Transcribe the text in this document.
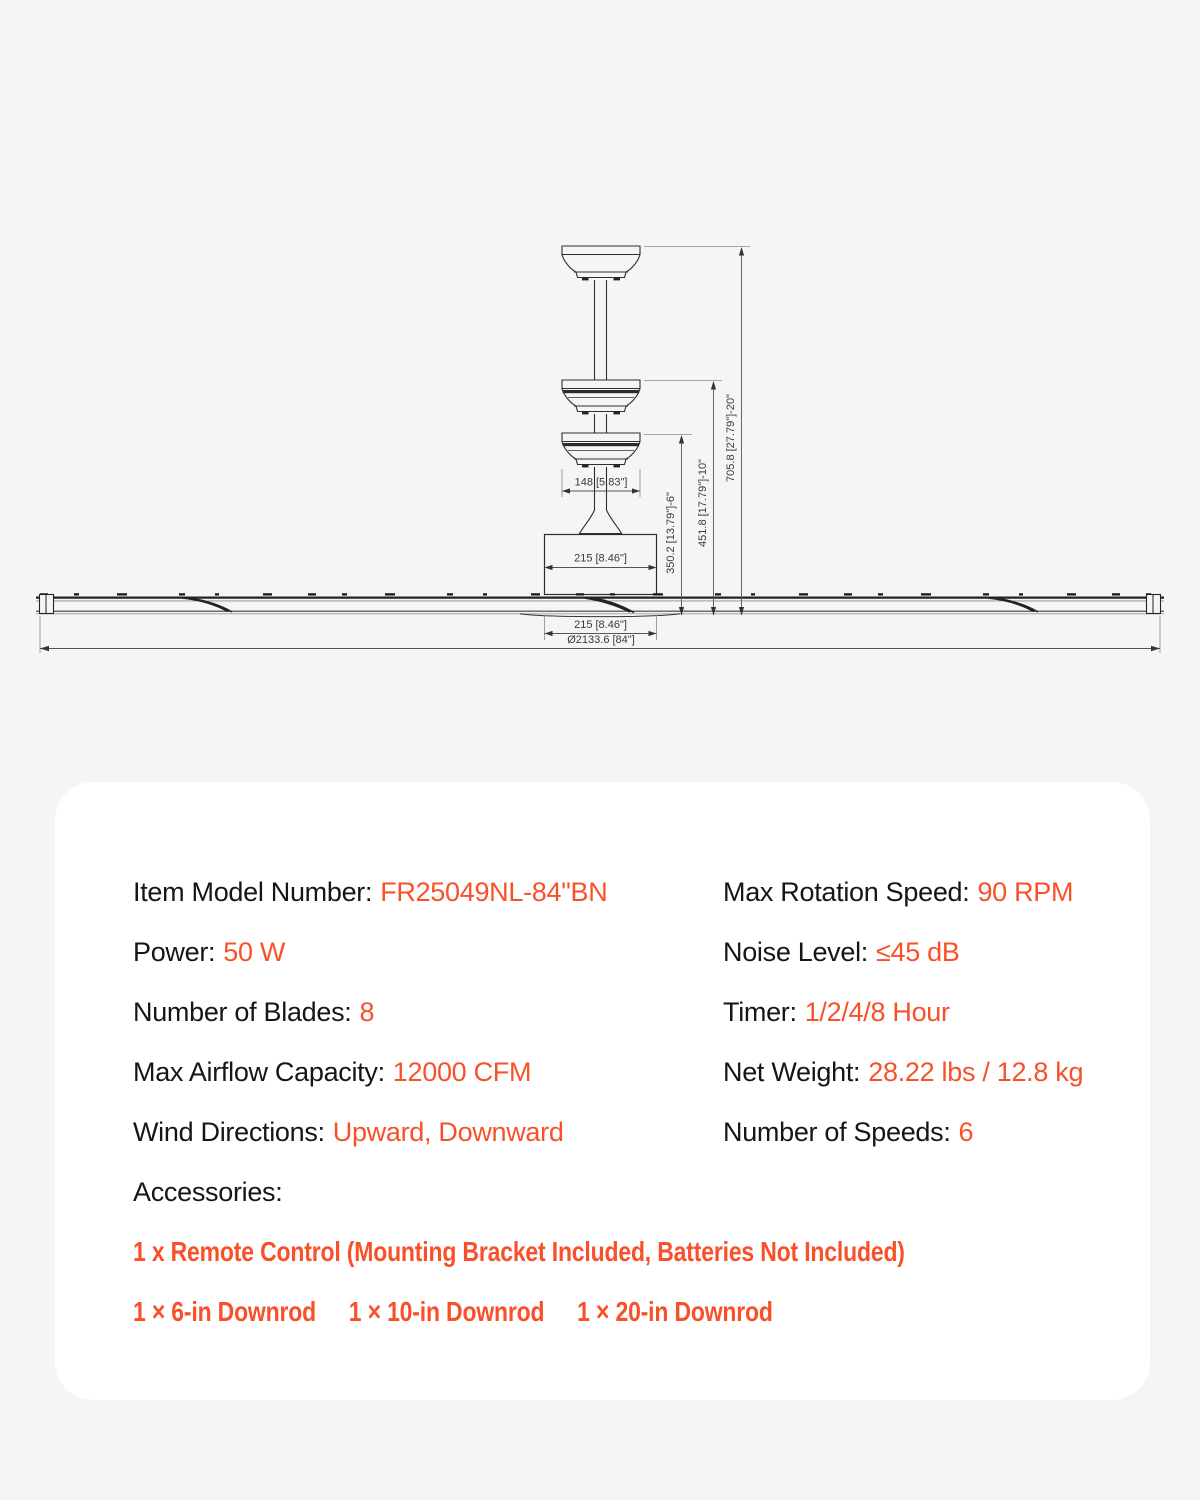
148 [5.83"]
215 [8.46"]
215 [8.46"]
Ø2133.6 [84"]
705.8 [27.79"]-20"
451.8 [17.79"]-10"
350.2 [13.79"]-6"
Item Model Number: FR25049NL-84"BN	Max Rotation Speed: 90 RPM
Power: 50 W	Noise Level: ≤45 dB
Number of Blades: 8	Timer: 1/2/4/8 Hour
Max Airflow Capacity: 12000 CFM	Net Weight: 28.22 lbs / 12.8 kg
Wind Directions: Upward, Downward	Number of Speeds: 6
Accessories:
1 x Remote Control (Mounting Bracket Included, Batteries Not Included)
1 × 6-in Downrod 1 × 10-in Downrod 1 × 20-in Downrod
